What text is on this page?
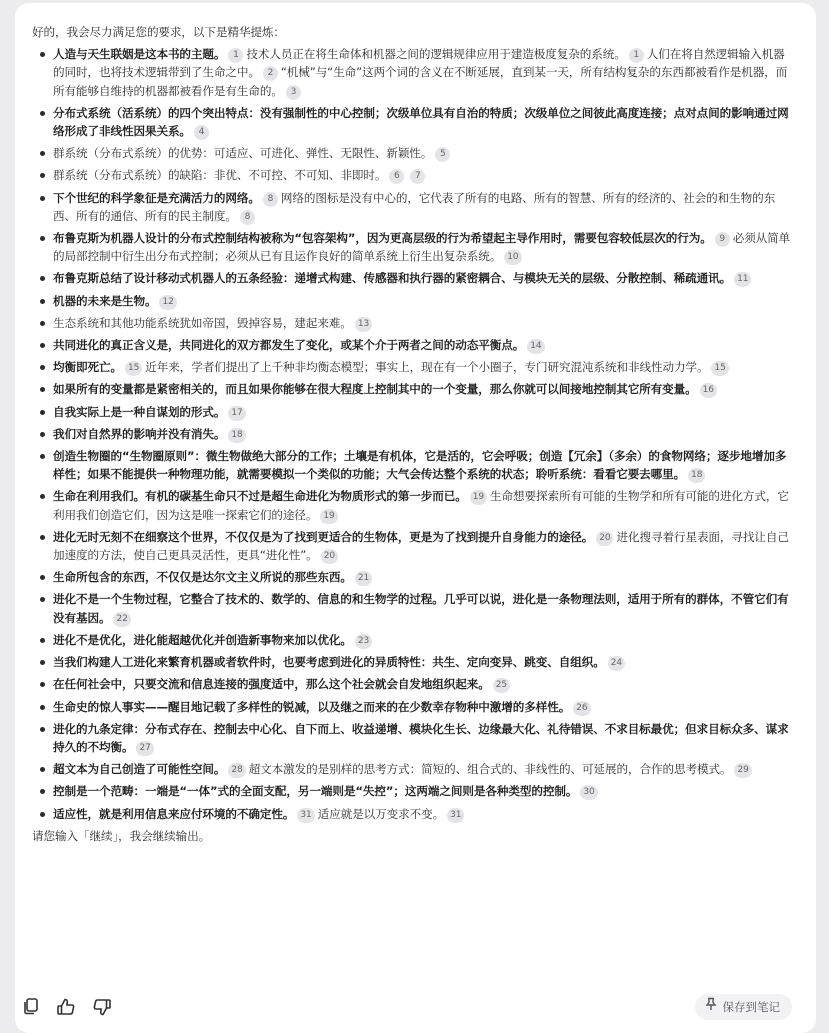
好的，我会尽力满足您的要求，以下是精华提炼：

人造与天生联姻是这本书的主题。 1 技术人员正在将生命体和机器之间的逻辑规律应用于建造极度复杂的系统。 1 人们在将自然逻辑输入机器的同时，也将技术逻辑带到了生命之中。 2 “机械”与“生命”这两个词的含义在不断延展，直到某一天，所有结构复杂的东西都被看作是机器，而所有能够自维持的机器都被看作是有生命的。 3
分布式系统（活系统）的四个突出特点：没有强制性的中心控制；次级单位具有自治的特质；次级单位之间彼此高度连接；点对点间的影响通过网络形成了非线性因果关系。 4
群系统（分布式系统）的优势：可适应、可进化、弹性、无限性、新颖性。 5
群系统（分布式系统）的缺陷：非优、不可控、不可知、非即时。 6 7
下个世纪的科学象征是充满活力的网络。 8 网络的图标是没有中心的，它代表了所有的电路、所有的智慧、所有的经济的、社会的和生物的东西、所有的通信、所有的民主制度。 8
布鲁克斯为机器人设计的分布式控制结构被称为“包容架构”，因为更高层级的行为希望起主导作用时，需要包容较低层次的行为。 9 必须从简单的局部控制中衍生出分布式控制；必须从已有且运作良好的简单系统上衍生出复杂系统。 10
布鲁克斯总结了设计移动式机器人的五条经验：递增式构建、传感器和执行器的紧密耦合、与模块无关的层级、分散控制、稀疏通讯。 11
机器的未来是生物。 12
生态系统和其他功能系统犹如帝国，毁掉容易，建起来难。 13
共同进化的真正含义是，共同进化的双方都发生了变化，或某个介于两者之间的动态平衡点。 14
均衡即死亡。 15 近年来，学者们提出了上千种非均衡态模型；事实上，现在有一个小圈子，专门研究混沌系统和非线性动力学。 15
如果所有的变量都是紧密相关的，而且如果你能够在很大程度上控制其中的一个变量，那么你就可以间接地控制其它所有变量。 16
自我实际上是一种自谋划的形式。 17
我们对自然界的影响并没有消失。 18
创造生物圈的“生物圈原则”：微生物做绝大部分的工作；土壤是有机体，它是活的，它会呼吸；创造【冗余】（多余）的食物网络；逐步地增加多样性；如果不能提供一种物理功能，就需要模拟一个类似的功能；大气会传达整个系统的状态；聆听系统：看看它要去哪里。 18
生命在利用我们。有机的碳基生命只不过是超生命进化为物质形式的第一步而已。 19 生命想要探索所有可能的生物学和所有可能的进化方式，它利用我们创造它们，因为这是唯一探索它们的途径。 19
进化无时无刻不在细察这个世界，不仅仅是为了找到更适合的生物体，更是为了找到提升自身能力的途径。 20 进化搜寻着行星表面，寻找让自己加速度的方法，使自己更具灵活性，更具“进化性”。 20
生命所包含的东西，不仅仅是达尔文主义所说的那些东西。 21
进化不是一个生物过程，它整合了技术的、数学的、信息的和生物学的过程。几乎可以说，进化是一条物理法则，适用于所有的群体，不管它们有没有基因。 22
进化不是优化，进化能超越优化并创造新事物来加以优化。 23
当我们构建人工进化来繁育机器或者软件时，也要考虑到进化的异质特性：共生、定向变异、跳变、自组织。 24
在任何社会中，只要交流和信息连接的强度适中，那么这个社会就会自发地组织起来。 25
生命史的惊人事实——醒目地记载了多样性的锐减，以及继之而来的在少数幸存物种中激增的多样性。 26
进化的九条定律：分布式存在、控制去中心化、自下而上、收益递增、模块化生长、边缘最大化、礼待错误、不求目标最优；但求目标众多、谋求持久的不均衡。 27
超文本为自己创造了可能性空间。 28 超文本激发的是别样的思考方式：简短的、组合式的、非线性的、可延展的，合作的思考模式。 29
控制是一个范畴：一端是“一体”式的全面支配，另一端则是“失控”；这两端之间则是各种类型的控制。 30
适应性，就是利用信息来应付环境的不确定性。 31 适应就是以万变求不变。 31

请您输入「继续」，我会继续输出。

保存到笔记
